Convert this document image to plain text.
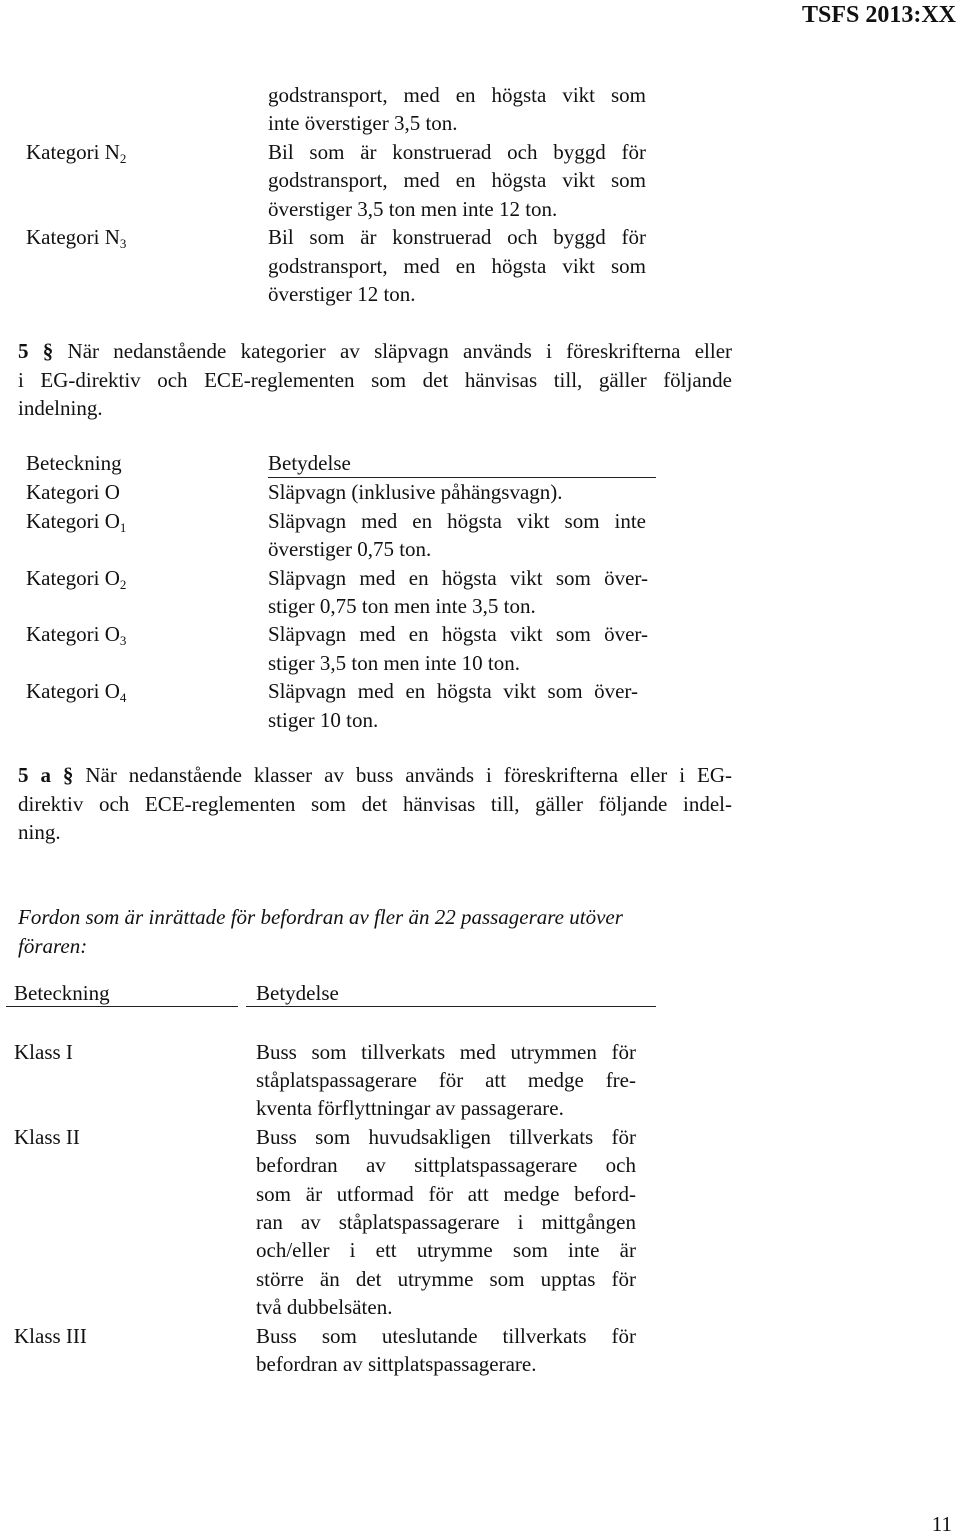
TSFS 2013:XX
godstransport, med en högsta vikt som
inte överstiger 3,5 ton.
Kategori $N_2$	Bil som är konstruerad och byggd för
godstransport, med en högsta vikt som
överstiger 3,5 ton men inte 12 ton.
Kategori $N_3$	Bil som är konstruerad och byggd för
godstransport, med en högsta vikt som
överstiger 12 ton.
5 § När nedanstående kategorier av släpvagn används i föreskrifterna eller
i EG-direktiv och ECE-reglementen som det hänvisas till, gäller följande
indelning.
Beteckning	Betydelse
Kategori O	Släpvagn (inklusive påhängsvagn).
Kategori $O_1$	Släpvagn med en högsta vikt som inte
överstiger 0,75 ton.
Kategori $O_2$	Släpvagn med en högsta vikt som över-
stiger 0,75 ton men inte 3,5 ton.
Kategori $O_3$	Släpvagn med en högsta vikt som över-
stiger 3,5 ton men inte 10 ton.
Kategori $O_4$	Släpvagn med en högsta vikt som över-
stiger 10 ton.
5 a § När nedanstående klasser av buss används i föreskrifterna eller i EG-
direktiv och ECE-reglementen som det hänvisas till, gäller följande indel-
ning.
Fordon som är inrättade för befordran av fler än 22 passagerare utöver
föraren:
Beteckning	Betydelse
Klass I	Buss som tillverkats med utrymmen för
ståplatspassagerare för att medge fre-
kventa förflyttningar av passagerare.
Klass II	Buss som huvudsakligen tillverkats för
befordran av sittplatspassagerare och
som är utformad för att medge beford-
ran av ståplatspassagerare i mittgången
och/eller i ett utrymme som inte är
större än det utrymme som upptas för
två dubbelsäten.
Klass III	Buss som uteslutande tillverkats för
befordran av sittplatspassagerare.
11
